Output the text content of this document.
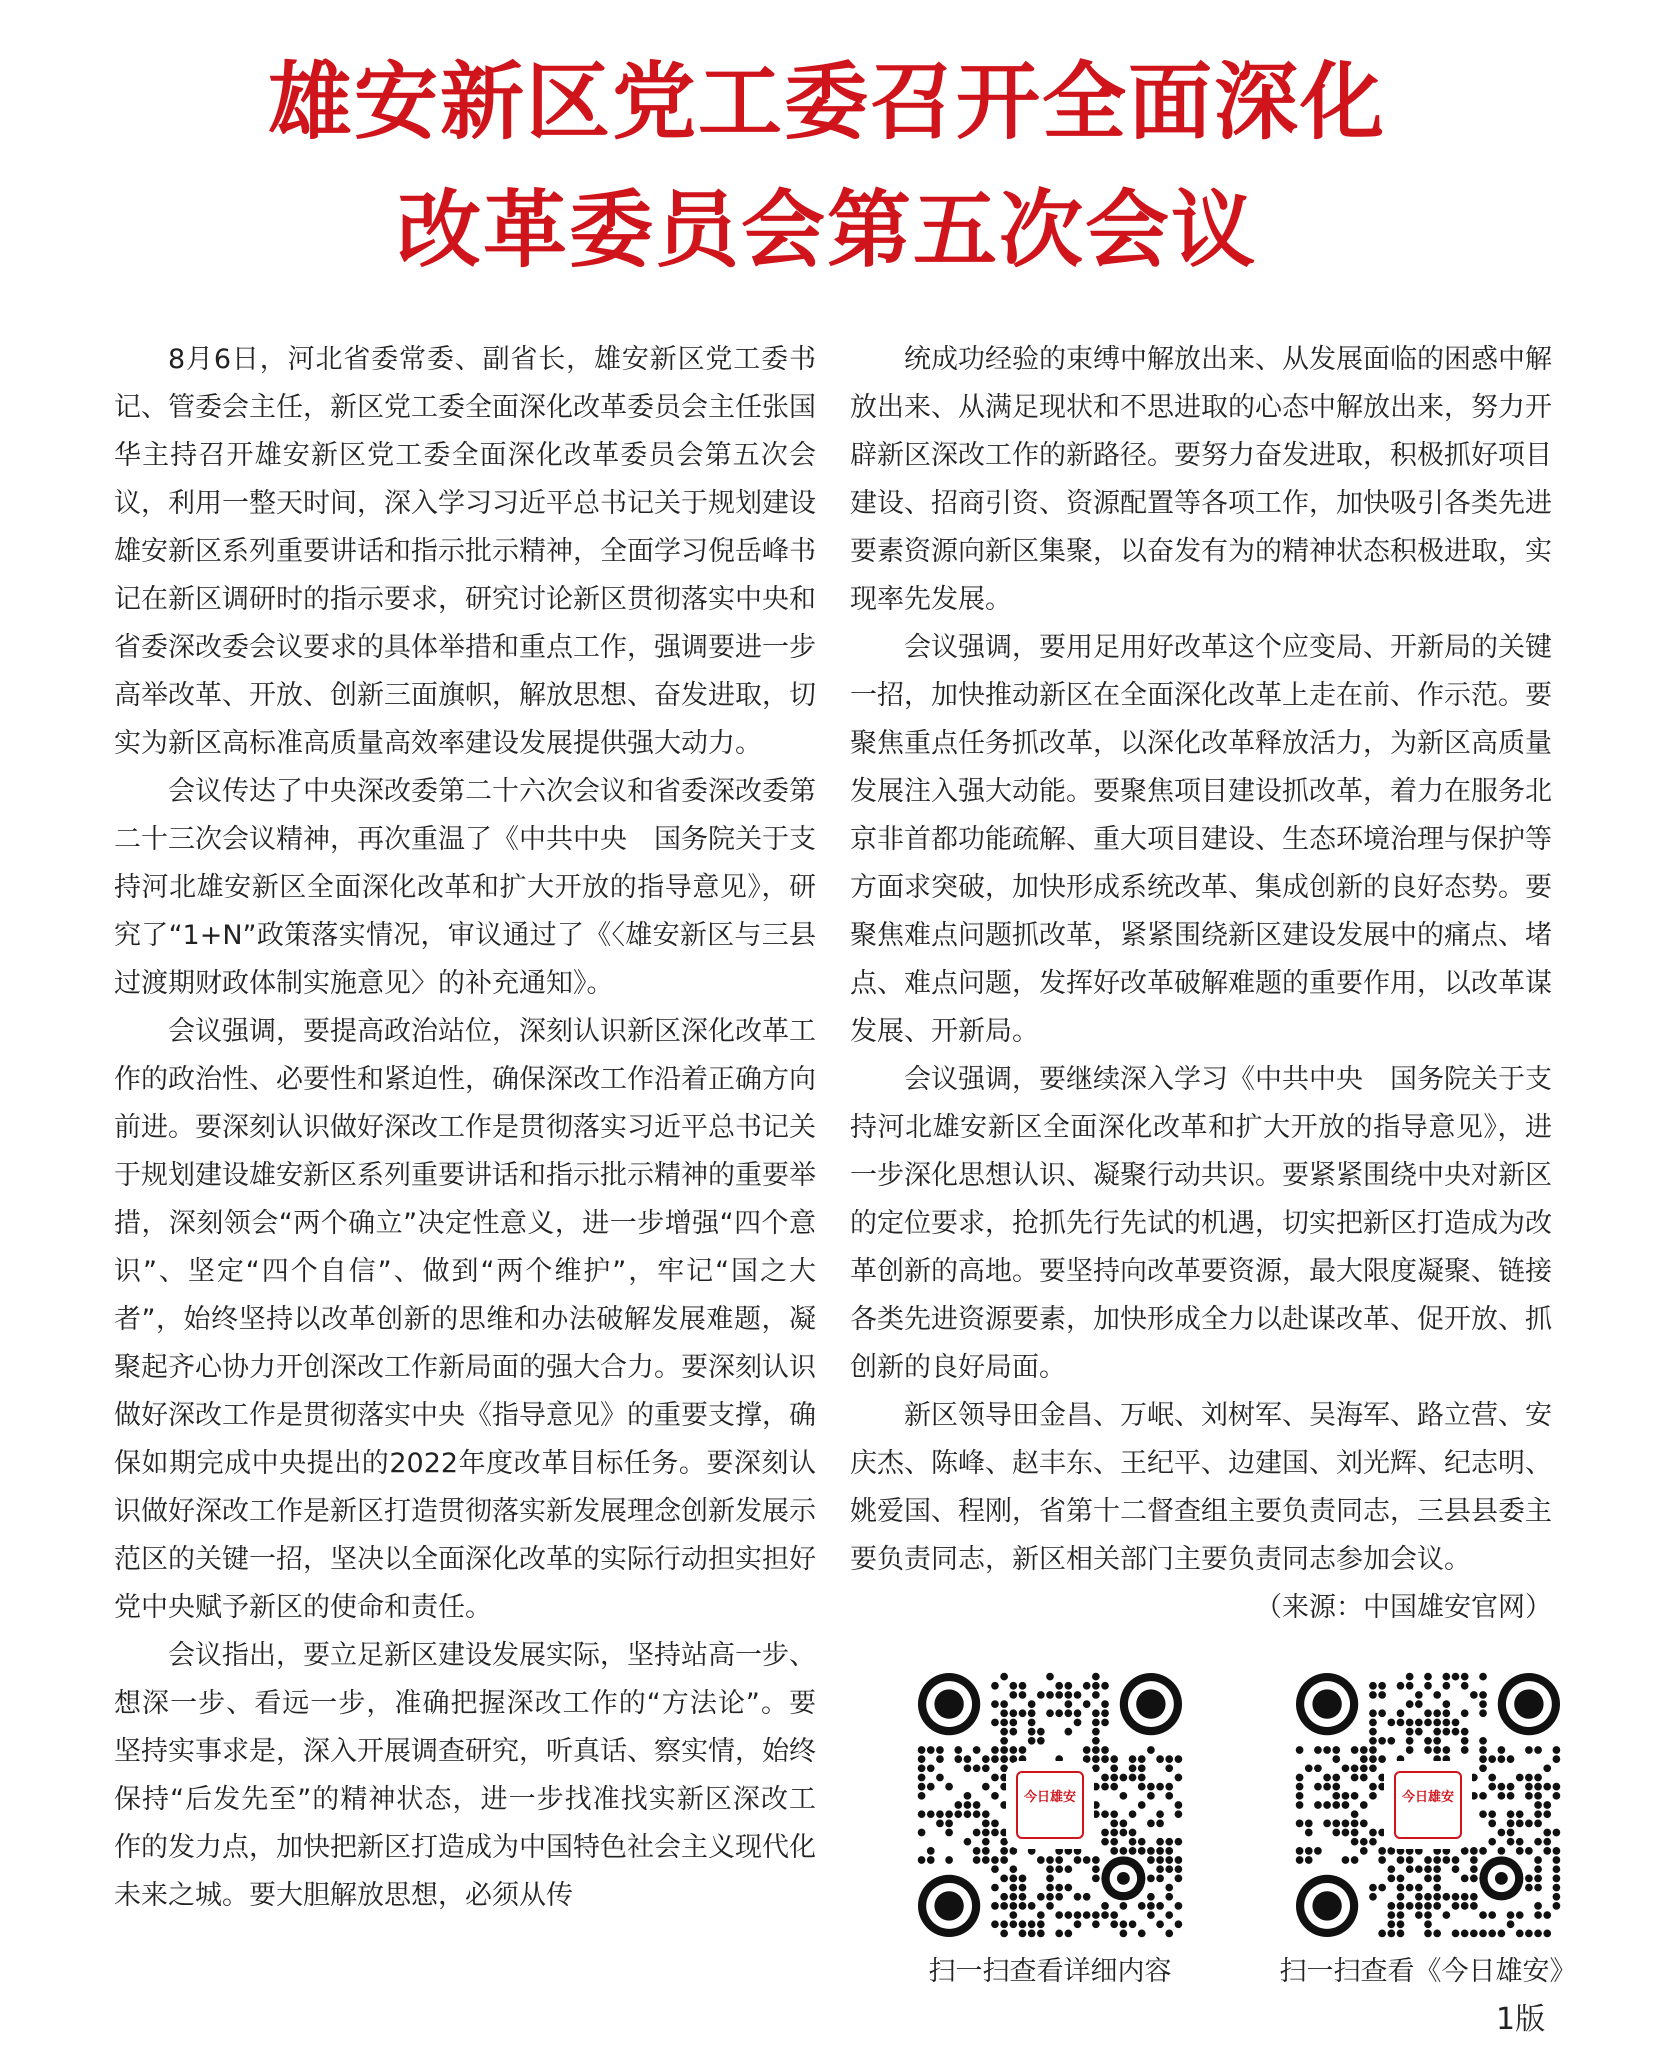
雄安新区党工委召开全面深化
改革委员会第五次会议

8月6日，河北省委常委、副省长，雄安新区党工委书记、管委会主任，新区党工委全面深化改革委员会主任张国华主持召开雄安新区党工委全面深化改革委员会第五次会议，利用一整天时间，深入学习习近平总书记关于规划建设雄安新区系列重要讲话和指示批示精神，全面学习倪岳峰书记在新区调研时的指示要求，研究讨论新区贯彻落实中央和省委深改委会议要求的具体举措和重点工作，强调要进一步高举改革、开放、创新三面旗帜，解放思想、奋发进取，切实为新区高标准高质量高效率建设发展提供强大动力。

会议传达了中央深改委第二十六次会议和省委深改委第二十三次会议精神，再次重温了《中共中央　国务院关于支持河北雄安新区全面深化改革和扩大开放的指导意见》，研究了“1+N”政策落实情况，审议通过了《〈雄安新区与三县过渡期财政体制实施意见〉的补充通知》。

会议强调，要提高政治站位，深刻认识新区深化改革工作的政治性、必要性和紧迫性，确保深改工作沿着正确方向前进。要深刻认识做好深改工作是贯彻落实习近平总书记关于规划建设雄安新区系列重要讲话和指示批示精神的重要举措，深刻领会“两个确立”决定性意义，进一步增强“四个意识”、坚定“四个自信”、做到“两个维护”，牢记“国之大者”，始终坚持以改革创新的思维和办法破解发展难题，凝聚起齐心协力开创深改工作新局面的强大合力。要深刻认识做好深改工作是贯彻落实中央《指导意见》的重要支撑，确保如期完成中央提出的2022年度改革目标任务。要深刻认识做好深改工作是新区打造贯彻落实新发展理念创新发展示范区的关键一招，坚决以全面深化改革的实际行动担实担好党中央赋予新区的使命和责任。

会议指出，要立足新区建设发展实际，坚持站高一步、想深一步、看远一步，准确把握深改工作的“方法论”。要坚持实事求是，深入开展调查研究，听真话、察实情，始终保持“后发先至”的精神状态，进一步找准找实新区深改工作的发力点，加快把新区打造成为中国特色社会主义现代化未来之城。要大胆解放思想，必须从传

统成功经验的束缚中解放出来、从发展面临的困惑中解放出来、从满足现状和不思进取的心态中解放出来，努力开辟新区深改工作的新路径。要努力奋发进取，积极抓好项目建设、招商引资、资源配置等各项工作，加快吸引各类先进要素资源向新区集聚，以奋发有为的精神状态积极进取，实现率先发展。

会议强调，要用足用好改革这个应变局、开新局的关键一招，加快推动新区在全面深化改革上走在前、作示范。要聚焦重点任务抓改革，以深化改革释放活力，为新区高质量发展注入强大动能。要聚焦项目建设抓改革，着力在服务北京非首都功能疏解、重大项目建设、生态环境治理与保护等方面求突破，加快形成系统改革、集成创新的良好态势。要聚焦难点问题抓改革，紧紧围绕新区建设发展中的痛点、堵点、难点问题，发挥好改革破解难题的重要作用，以改革谋发展、开新局。

会议强调，要继续深入学习《中共中央　国务院关于支持河北雄安新区全面深化改革和扩大开放的指导意见》，进一步深化思想认识、凝聚行动共识。要紧紧围绕中央对新区的定位要求，抢抓先行先试的机遇，切实把新区打造成为改革创新的高地。要坚持向改革要资源，最大限度凝聚、链接各类先进资源要素，加快形成全力以赴谋改革、促开放、抓创新的良好局面。

新区领导田金昌、万岷、刘树军、吴海军、路立营、安庆杰、陈峰、赵丰东、王纪平、边建国、刘光辉、纪志明、姚爱国、程刚，省第十二督查组主要负责同志，三县县委主要负责同志，新区相关部门主要负责同志参加会议。

（来源：中国雄安官网）

今日雄安
扫一扫查看详细内容
今日雄安
扫一扫查看《今日雄安》
1版
